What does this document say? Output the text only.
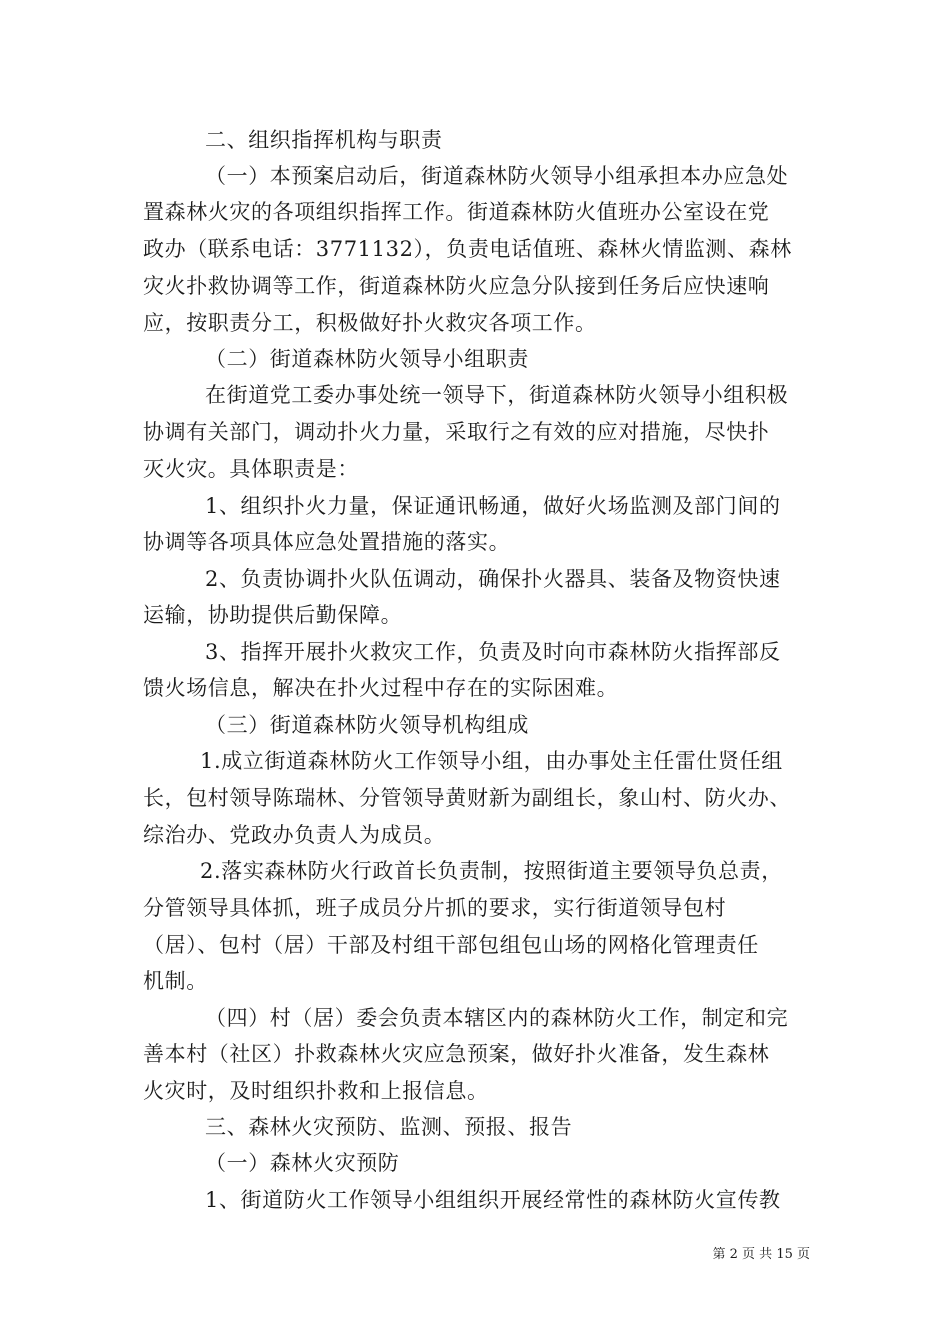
二、组织指挥机构与职责
（一）本预案启动后，街道森林防火领导小组承担本办应急处
置森林火灾的各项组织指挥工作。街道森林防火值班办公室设在党
政办（联系电话：3771132），负责电话值班、森林火情监测、森林
灾火扑救协调等工作，街道森林防火应急分队接到任务后应快速响
应，按职责分工，积极做好扑火救灾各项工作。
（二）街道森林防火领导小组职责
在街道党工委办事处统一领导下，街道森林防火领导小组积极
协调有关部门，调动扑火力量，采取行之有效的应对措施，尽快扑
灭火灾。具体职责是：
1、组织扑火力量，保证通讯畅通，做好火场监测及部门间的
协调等各项具体应急处置措施的落实。
2、负责协调扑火队伍调动，确保扑火器具、装备及物资快速
运输，协助提供后勤保障。
3、指挥开展扑火救灾工作，负责及时向市森林防火指挥部反
馈火场信息，解决在扑火过程中存在的实际困难。
（三）街道森林防火领导机构组成
1.成立街道森林防火工作领导小组，由办事处主任雷仕贤任组
长，包村领导陈瑞林、分管领导黄财新为副组长，象山村、防火办、
综治办、党政办负责人为成员。
2.落实森林防火行政首长负责制，按照街道主要领导负总责，
分管领导具体抓，班子成员分片抓的要求，实行街道领导包村
（居）、包村（居）干部及村组干部包组包山场的网格化管理责任
机制。
（四）村（居）委会负责本辖区内的森林防火工作，制定和完
善本村（社区）扑救森林火灾应急预案，做好扑火准备，发生森林
火灾时，及时组织扑救和上报信息。
三、森林火灾预防、监测、预报、报告
（一）森林火灾预防
1、街道防火工作领导小组组织开展经常性的森林防火宣传教
第 2 页 共 15 页
